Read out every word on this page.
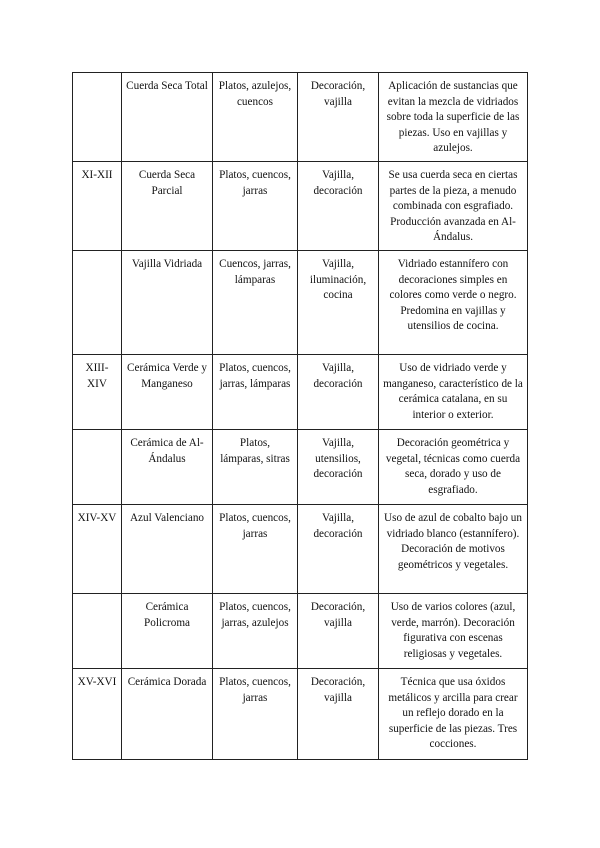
	Cuerda Seca Total	Platos, azulejos, cuencos	Decoración, vajilla	Aplicación de sustancias que evitan la mezcla de vidriados sobre toda la superficie de las piezas. Uso en vajillas y azulejos.
XI-XII	Cuerda Seca Parcial	Platos, cuencos, jarras	Vajilla, decoración	Se usa cuerda seca en ciertas partes de la pieza, a menudo combinada con esgrafiado. Producción avanzada en Al-Ándalus.
	Vajilla Vidriada	Cuencos, jarras, lámparas	Vajilla, iluminación, cocina	Vidriado estannífero con decoraciones simples en colores como verde o negro. Predomina en vajillas y utensilios de cocina.
XIII-XIV	Cerámica Verde y Manganeso	Platos, cuencos, jarras, lámparas	Vajilla, decoración	Uso de vidriado verde y manganeso, característico de la cerámica catalana, en su interior o exterior.
	Cerámica de Al-Ándalus	Platos, lámparas, sitras	Vajilla, utensilios, decoración	Decoración geométrica y vegetal, técnicas como cuerda seca, dorado y uso de esgrafiado.
XIV-XV	Azul Valenciano	Platos, cuencos, jarras	Vajilla, decoración	Uso de azul de cobalto bajo un vidriado blanco (estannífero). Decoración de motivos geométricos y vegetales.
	Cerámica Policroma	Platos, cuencos, jarras, azulejos	Decoración, vajilla	Uso de varios colores (azul, verde, marrón). Decoración figurativa con escenas religiosas y vegetales.
XV-XVI	Cerámica Dorada	Platos, cuencos, jarras	Decoración, vajilla	Técnica que usa óxidos metálicos y arcilla para crear un reflejo dorado en la superficie de las piezas. Tres cocciones.
